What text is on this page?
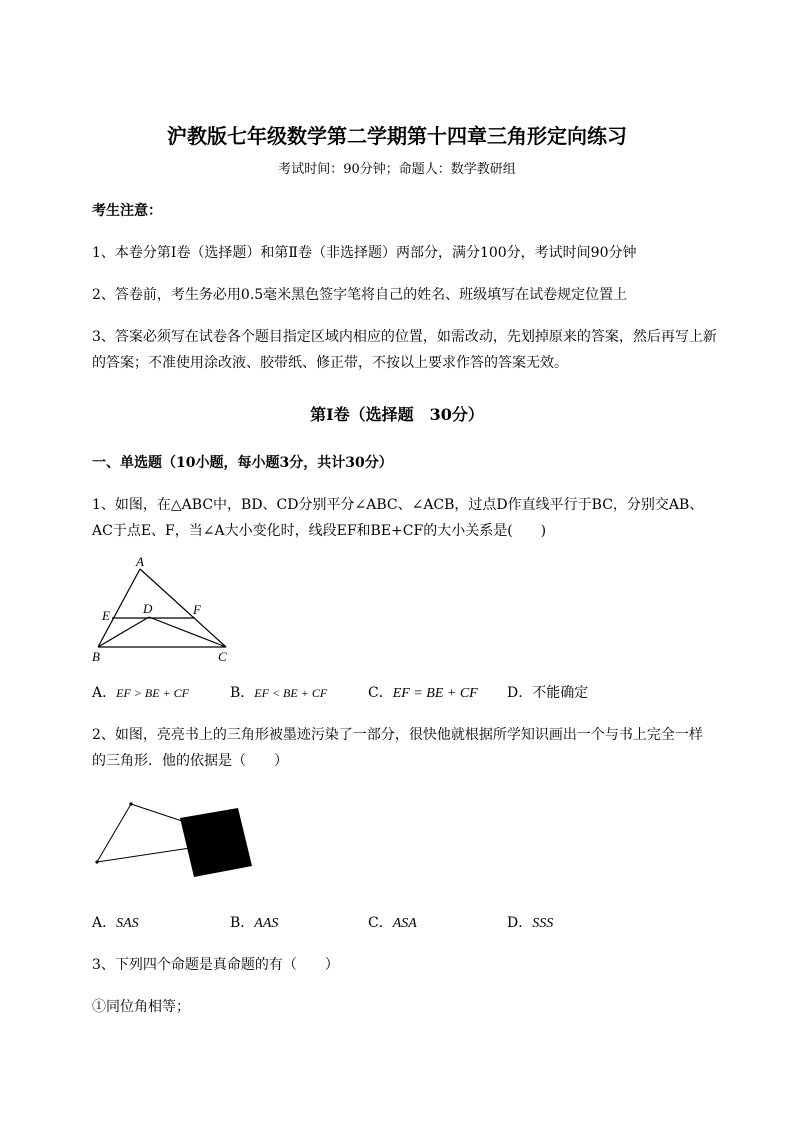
沪教版七年级数学第二学期第十四章三角形定向练习
考试时间：90分钟；命题人：数学教研组
考生注意：
1、本卷分第I卷（选择题）和第Ⅱ卷（非选择题）两部分，满分100分，考试时间90分钟
2、答卷前，考生务必用0.5毫米黑色签字笔将自己的姓名、班级填写在试卷规定位置上
3、答案必须写在试卷各个题目指定区域内相应的位置，如需改动，先划掉原来的答案，然后再写上新
的答案；不准使用涂改液、胶带纸、修正带，不按以上要求作答的答案无效。
第I卷（选择题　30分）
一、单选题（10小题，每小题3分，共计30分）
1、如图，在△ABC中，BD、CD分别平分∠ABC、∠ACB，过点D作直线平行于BC，分别交AB、
AC于点E、F，当∠A大小变化时，线段EF和BE+CF的大小关系是(　　)
A
E	D	F
B	C
A．EF > BE + CF	B．EF < BE + CF	C．EF = BE + CF D．不能确定
2、如图，亮亮书上的三角形被墨迹污染了一部分，很快他就根据所学知识画出一个与书上完全一样
的三角形．他的依据是（　　）
A．SAS	B．AAS	C．ASA	D．SSS
3、下列四个命题是真命题的有（　　）
①同位角相等；
